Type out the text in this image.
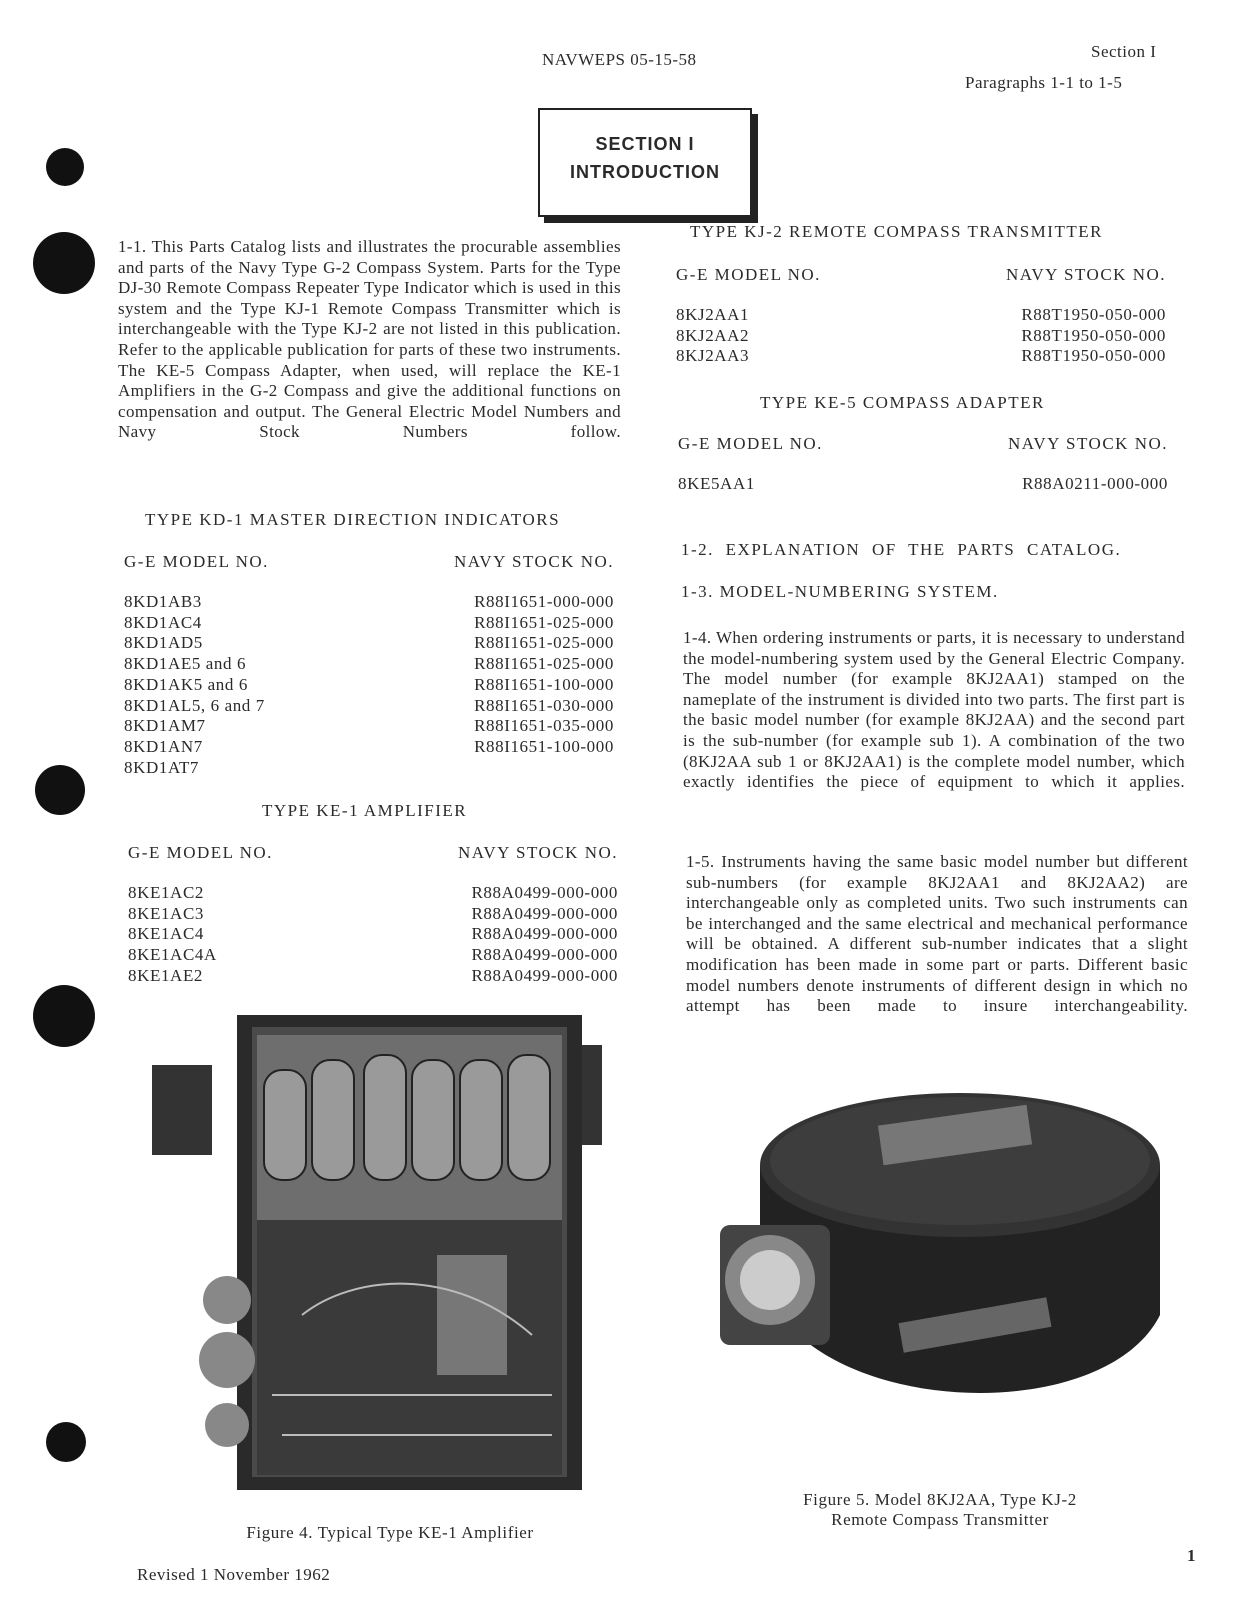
NAVWEPS 05-15-58	Section I
Paragraphs 1-1 to 1-5
SECTION I
INTRODUCTION
1-1. This Parts Catalog lists and illustrates the procurable assemblies and parts of the Navy Type G-2 Compass System. Parts for the Type DJ-30 Remote Compass Repeater Type Indicator which is used in this system and the Type KJ-1 Remote Compass Transmitter which is interchangeable with the Type KJ-2 are not listed in this publication. Refer to the applicable publication for parts of these two instruments. The KE-5 Compass Adapter, when used, will replace the KE-1 Amplifiers in the G-2 Compass and give the additional functions on compensation and output. The General Electric Model Numbers and Navy Stock Numbers follow.
TYPE KD-1 MASTER DIRECTION INDICATORS
G-E MODEL NO.	NAVY STOCK NO.
8KD1AB3	R88I1651-000-000
8KD1AC4	R88I1651-025-000
8KD1AD5	R88I1651-025-000
8KD1AE5 and 6	R88I1651-025-000
8KD1AK5 and 6	R88I1651-100-000
8KD1AL5, 6 and 7	R88I1651-030-000
8KD1AM7	R88I1651-035-000
8KD1AN7	R88I1651-100-000
8KD1AT7
TYPE KE-1 AMPLIFIER
G-E MODEL NO.	NAVY STOCK NO.
8KE1AC2	R88A0499-000-000
8KE1AC3	R88A0499-000-000
8KE1AC4	R88A0499-000-000
8KE1AC4A	R88A0499-000-000
8KE1AE2	R88A0499-000-000
TYPE KJ-2 REMOTE COMPASS TRANSMITTER
G-E MODEL NO.	NAVY STOCK NO.
8KJ2AA1	R88T1950-050-000
8KJ2AA2	R88T1950-050-000
8KJ2AA3	R88T1950-050-000
TYPE KE-5 COMPASS ADAPTER
G-E MODEL NO.	NAVY STOCK NO.
8KE5AA1	R88A0211-000-000
1-2. EXPLANATION OF THE PARTS CATALOG.
1-3. MODEL-NUMBERING SYSTEM.
1-4. When ordering instruments or parts, it is necessary to understand the model-numbering system used by the General Electric Company. The model number (for example 8KJ2AA1) stamped on the nameplate of the instrument is divided into two parts. The first part is the basic model number (for example 8KJ2AA) and the second part is the sub-number (for example sub 1). A combination of the two (8KJ2AA sub 1 or 8KJ2AA1) is the complete model number, which exactly identifies the piece of equipment to which it applies.
1-5. Instruments having the same basic model number but different sub-numbers (for example 8KJ2AA1 and 8KJ2AA2) are interchangeable only as completed units. Two such instruments can be interchanged and the same electrical and mechanical performance will be obtained. A different sub-number indicates that a slight modification has been made in some part or parts. Different basic model numbers denote instruments of different design in which no attempt has been made to insure interchangeability.
Figure 4. Typical Type KE-1 Amplifier
Figure 5. Model 8KJ2AA, Type KJ-2
Remote Compass Transmitter
Revised 1 November 1962
1
